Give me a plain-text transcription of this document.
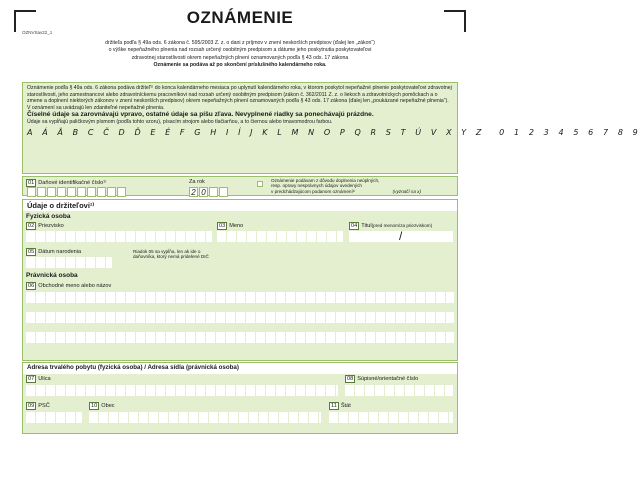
OZNVSav22_1
OZNÁMENIE
držiteľa podľa § 49a ods. 6 zákona č. 595/2003 Z. z. o dani z príjmov v znení neskorších predpisov (ďalej len „zákon“)
o výške nepeňažného plnenia nad rozsah určený osobitným predpisom a dátume jeho poskytnutia poskytovateľovi
zdravotnej starostlivosti okrem nepeňažných plnení oznamovaných podľa § 43 ods. 17 zákona
Oznámenie sa podáva až po skončení príslušného kalendárneho roka.
Oznámenie podľa § 49a ods. 6 zákona podáva držiteľ¹⁾ do konca kalendárneho mesiaca po uplynutí kalendárneho roka, v ktorom poskytol nepeňažné plnenie poskytovateľovi zdravotnej starostlivosti, jeho zamestnancovi alebo zdravotníckemu pracovníkovi nad rozsah určený osobitným predpisom (zákon č. 362/2011 Z. z. o liekoch a zdravotníckych pomôckach a o zmene a doplnení niektorých zákonov v znení neskorších predpisov) okrem nepeňažných plnení oznamovaných podľa § 43 ods. 17 zákona (ďalej len „poukázané nepeňažné plnenia“). V oznámení sa uvádzajú len zdaniteľné nepeňažné plnenia.
Číselné údaje sa zarovnávajú vpravo, ostatné údaje sa píšu zľava. Nevyplnené riadky sa ponechávajú prázdne.
Údaje sa vypĺňajú paličkovým písmom (podľa tohto vzoru), písacím strojom alebo tlačiarňou, a to čiernou alebo tmavomodrou farbou.
A Á Ä B C Č D Ď E É F G H I Í J K L M N O P Q R S T Ú V X Y Z 0 1 2 3 4 5 6 7 8 9
01 Daňové identifikačné číslo¹⁾	Za rok
2 0
Oznámenie podávam z dôvodu doplnenia neúplných,
resp. opravy nesprávnych údajov uvedených
v predchádzajúcom podanom oznámení¹⁾	(vyznačí sa x)
Údaje o držiteľovi¹⁾
Fyzická osoba
02 Priezvisko	03 Meno	04 Titul(pred menom/za priezviskom)
/
05 Dátum narodenia	Riadok 05 sa vypĺňa, len ak ide o daňovníka, ktorý nemá pridelené DIČ
Právnická osoba
06 Obchodné meno alebo názov
Adresa trvalého pobytu (fyzická osoba) / Adresa sídla (právnická osoba)
07 Ulica	08 Súpisné/orientačné číslo
09 PSČ	10 Obec	11 Štát
